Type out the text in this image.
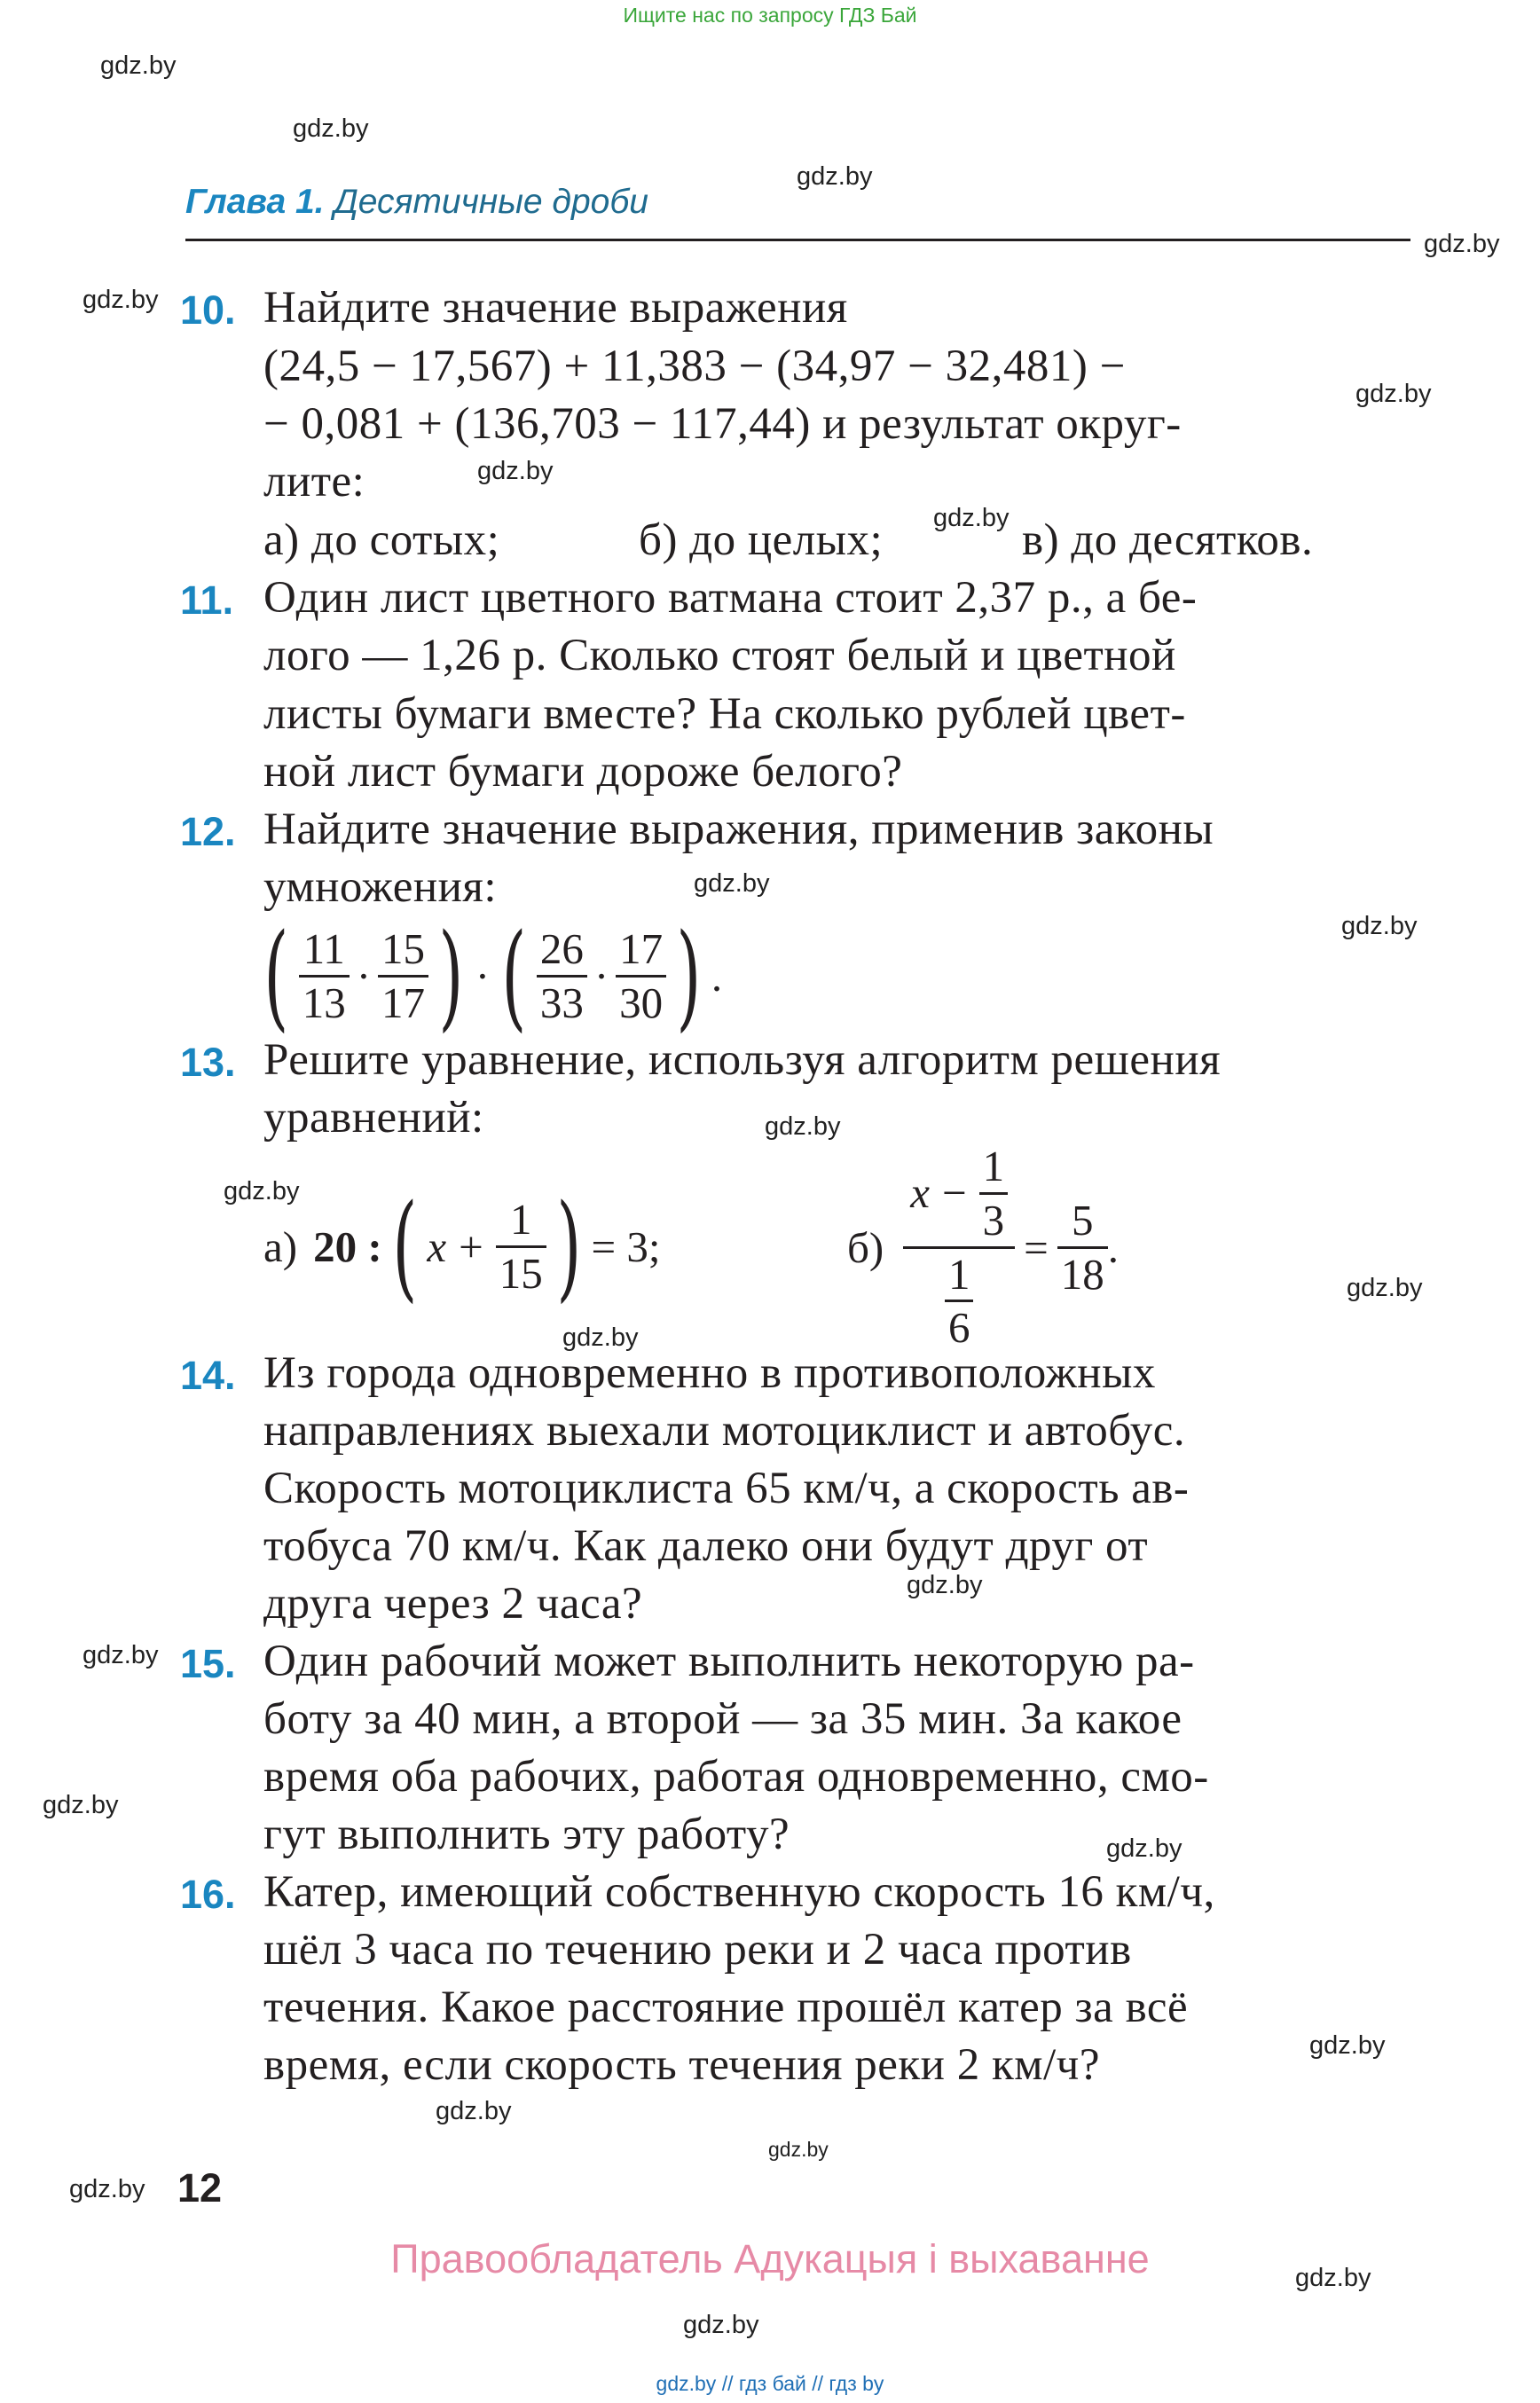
Ищите нас по запросу ГДЗ Бай
gdz.by
gdz.by
gdz.by
gdz.by
gdz.by
gdz.by
gdz.by
gdz.by
gdz.by
gdz.by
gdz.by
gdz.by
gdz.by
gdz.by
gdz.by
gdz.by
gdz.by
gdz.by
gdz.by
gdz.by
gdz.by
gdz.by
gdz.by
gdz.by
Глава 1. Десятичные дроби
10. Найдите значение выражения
(24,5 − 17,567) + 11,383 − (34,97 − 32,481) −
− 0,081 + (136,703 − 117,44) и результат округ-
лите:
а) до сотых;	б) до целых;	в) до десятков.
11. Один лист цветного ватмана стоит 2,37 р., а бе-
лого — 1,26 р. Сколько стоят белый и цветной
листы бумаги вместе? На сколько рублей цвет-
ной лист бумаги дороже белого?
12. Найдите значение выражения, применив законы
умножения:
( $\frac{11}{13} \cdot \frac{15}{17}$ ) · ( $\frac{26}{33} \cdot \frac{17}{30}$ ) .
13. Решите уравнение, используя алгоритм решения
уравнений:
а) 20 : ( $x + \frac{1}{15}$ ) = 3;	$б) \frac{x - \frac{1}{3}}{\frac{1}{6}} = \frac{5}{18}$ .
14. Из города одновременно в противоположных
направлениях выехали мотоциклист и автобус.
Скорость мотоциклиста 65 км/ч, а скорость ав-
тобуса 70 км/ч. Как далеко они будут друг от
друга через 2 часа?
15. Один рабочий может выполнить некоторую ра-
боту за 40 мин, а второй — за 35 мин. За какое
время оба рабочих, работая одновременно, смо-
гут выполнить эту работу?
16. Катер, имеющий собственную скорость 16 км/ч,
шёл 3 часа по течению реки и 2 часа против
течения. Какое расстояние прошёл катер за всё
время, если скорость течения реки 2 км/ч?
12
Правообладатель Адукацыя і выхаванне
gdz.by // гдз бай // гдз by
